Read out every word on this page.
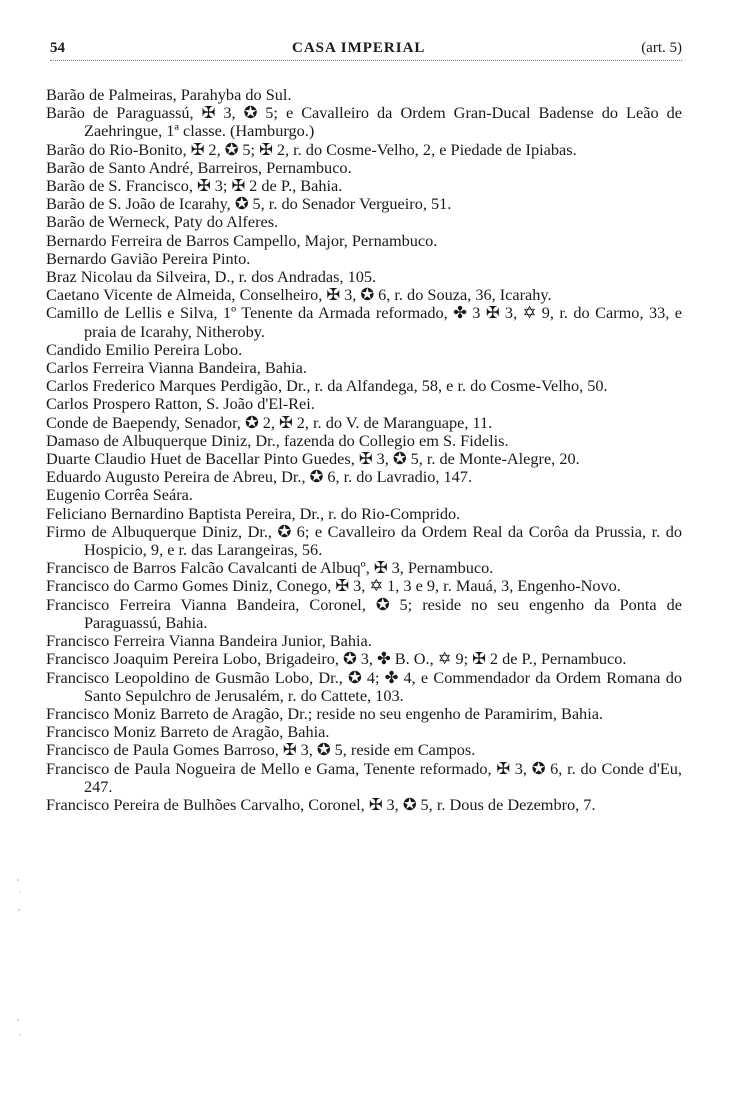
54	CASA IMPERIAL	(art. 5)

Barão de Palmeiras, Parahyba do Sul.

Barão de Paraguassú, ✠ 3, ✪ 5; e Cavalleiro da Ordem Gran-Ducal Badense do Leão de Zaehringue, 1ª classe. (Hamburgo.)

Barão do Rio-Bonito, ✠ 2, ✪ 5; ✠ 2, r. do Cosme-Velho, 2, e Piedade de Ipiabas.

Barão de Santo André, Barreiros, Pernambuco.

Barão de S. Francisco, ✠ 3; ✠ 2 de P., Bahia.

Barão de S. João de Icarahy, ✪ 5, r. do Senador Vergueiro, 51.

Barão de Werneck, Paty do Alferes.

Bernardo Ferreira de Barros Campello, Major, Pernambuco.

Bernardo Gavião Pereira Pinto.

Braz Nicolau da Silveira, D., r. dos Andradas, 105.

Caetano Vicente de Almeida, Conselheiro, ✠ 3, ✪ 6, r. do Souza, 36, Icarahy.

Camillo de Lellis e Silva, 1º Tenente da Armada reformado, ✤ 3 ✠ 3, ✡ 9, r. do Carmo, 33, e praia de Icarahy, Nitheroby.

Candido Emilio Pereira Lobo.

Carlos Ferreira Vianna Bandeira, Bahia.

Carlos Frederico Marques Perdigão, Dr., r. da Alfandega, 58, e r. do Cosme-Velho, 50.

Carlos Prospero Ratton, S. João d'El-Rei.

Conde de Baependy, Senador, ✪ 2, ✠ 2, r. do V. de Maranguape, 11.

Damaso de Albuquerque Diniz, Dr., fazenda do Collegio em S. Fidelis.

Duarte Claudio Huet de Bacellar Pinto Guedes, ✠ 3, ✪ 5, r. de Monte-Alegre, 20.

Eduardo Augusto Pereira de Abreu, Dr., ✪ 6, r. do Lavradio, 147.

Eugenio Corrêa Seára.

Feliciano Bernardino Baptista Pereira, Dr., r. do Rio-Comprido.

Firmo de Albuquerque Diniz, Dr., ✪ 6; e Cavalleiro da Ordem Real da Corôa da Prussia, r. do Hospicio, 9, e r. das Larangeiras, 56.

Francisco de Barros Falcão Cavalcanti de Albuqº, ✠ 3, Pernambuco.

Francisco do Carmo Gomes Diniz, Conego, ✠ 3, ✡ 1, 3 e 9, r. Mauá, 3, Engenho-Novo.

Francisco Ferreira Vianna Bandeira, Coronel, ✪ 5; reside no seu engenho da Ponta de Paraguassú, Bahia.

Francisco Ferreira Vianna Bandeira Junior, Bahia.

Francisco Joaquim Pereira Lobo, Brigadeiro, ✪ 3, ✤ B. O., ✡ 9; ✠ 2 de P., Pernambuco.

Francisco Leopoldino de Gusmão Lobo, Dr., ✪ 4; ✤ 4, e Commendador da Ordem Romana do Santo Sepulchro de Jerusalém, r. do Cattete, 103.

Francisco Moniz Barreto de Aragão, Dr.; reside no seu engenho de Paramirim, Bahia.

Francisco Moniz Barreto de Aragão, Bahia.

Francisco de Paula Gomes Barroso, ✠ 3, ✪ 5, reside em Campos.

Francisco de Paula Nogueira de Mello e Gama, Tenente reformado, ✠ 3, ✪ 6, r. do Conde d'Eu, 247.

Francisco Pereira de Bulhões Carvalho, Coronel, ✠ 3, ✪ 5, r. Dous de Dezembro, 7.
